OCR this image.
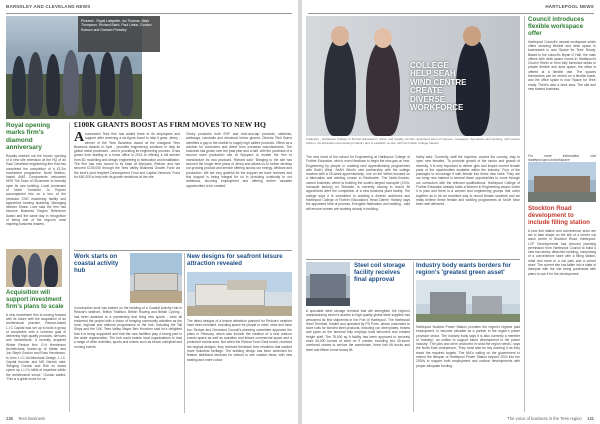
BARNSLEY AND CLEVELAND NEWS
Pictured - Royal Lafayette, Ian Thomas, Mark Thompson, Richard Baird, Paul Linton, Gordon Robson and Graham Pressley
Royal opening marks firm's diamond anniversary
Royalty marked out the former opening of a new site extension at the HQ of an East Cleveland engineering firm that has completed the completion of a £2.2m investment programme. North Skelton-based AMS Components welcomed HRH The Duke of Gloucester to formally open its new building. Local Lieutenant of North Yorkshire Jo Ropner accompanied him on a tour of the precision CNC machining facility and apprentice training academy. Managing director Shaun Love said the firm has become Business Region Reference Award and the same day in recognition of being one of the region's most inspiring business leaders.
Acquisition will support investment firm's plans to scale
A new investment firm is moving forward with its future with the acquisition of an architectural practice. Redcar-based L.I.C Capital was set up to build a group of companies with a common goal of delivering high quality products, services and investments. It recently acquired Winter Redcar firm, G.H Henderson Architectural, leader-up of Stefan and Jon Steph Gordon and Ross Henderson, to form L.I.C Architectural Design. L.I.C. Capital founder and MD Neresh said: 'Bringing Gordon and Rob on board opens up L.I.C's skills of expertise within the architectural sector.' Gordon added: 'This is a great move for us.'
£100K GRANTS BOOST AS FIRM MOVES TO NEW HQ
A successful Tees firm has added three to its employees and support after receiving a six-figure boost to help it grow. Jenny - winner of the Tees Business award at the Inaugural Tees Business Awards in April - provides engineering solutions to help its global metal processes - and in providing its engineering process. It has grown from starting in a home office in 2016 to offering a full service from 3D modelling and design engineering to fabrication and installation. The firm has now moved to its base at Wynyard, Redcar, and has secured £100,000 through the Tees Valley Business Growth Fund via the fund's joint recipient Development Fund and Capital Ventures' Fund for £60,000 to help with its growth ambitions at the site.
Clerky produces both EDF and shut-and-lap products, stainless, walkways, handrails and structural below ground. Director Rich Burns identified a gap in the market to supply high calibre products. Offers as a solution for customers and direct from overseas manufacturers. The business has grown over the past year and a half, with the purchase of a second used production site at Wynyard to enable the firm to manufacture its own products. Richard said: 'Bringing to the site has secured the longer term plans of Jenny and allows us to further develop our growing product and service offering across our energy, offshore and production. We are very grateful for the support we have received and this support is being integral for us in providing continuity to our ambitious, securing employment and offering further valuable opportunities to be created.'
Work starts on coastal activity hub
Construction work has started on the building of a Coastal Activity Hub in Redcar's seafront. British Triathlon, British Rowing and British Cycling - has been awarded to a partnership that bring new sports - have all endorsed the project with a vision of bringing community activities as the local, regional and national programmes to the hub, including the Tall Ships and the 10K. Tees Valley Mayor Ben Houchen said he's delighted that it is being supported and that the new facilities play a strong part in the wider regeneration. The hub could enable local organisations to host a range of other activities, sports and events such as beach volleyball and running events.
New designs for seafront leisure attraction revealed
The latest designs of a leisure attraction planned for Redcar's seafront have been revealed, including space for people to meet, relax and have fun. Redcar and Cleveland Council's planning committee approved the plans in February, which also include the creation of a new outdoor events space as well as coastline and leisure commercial space and a protected events area. But when the Redcar Town Deal board, received the original designs, they received feedback from residents that wanted more industrial heritage. The building design has been amended for feature additional windows for visitors to see coastal views, with new seating and more colour.
136 Tees Business
HARTLEPOOL NEWS
COLLEGE
HELP SEAH
WIND CENTRE
CREATE
DIVERSE
WORKFORCE
Cataracts - Hartlepool College of Further Education's Vision and Quality recruits, appointed team of trainees, managers, Operations and working, with Lauren Gibson, the Education and working Industry and to establish on-site, with the Dublin College trainers
The new head of the school for Engineering at Hartlepool College of Further Education, which, even Newtown to begin the new gas on new. Engineering by people or creating new apprenticeship programmes with SeAH Wind. SeAH Wind's new partnership with the college reaches with a 25-week apprenticeship, one on the Welsh focused on a fabrication and welding course in Redeswire. The North-Korean-owned business, which is building the world's largest monopile (XXXL monopile factory) on Teesside, is currently looking to recruit 36 apprentices after the completion of a new business plant facility. The college says it is committed to creating a diverse workforce and Hartlepool College of Further Education's Head Darren Hankey says the appointed heat of process, Energetic fabrication and welding - said will ensure women are working closely in building.
Haley said: 'Currently, staff the inspirers, around the country, may to open new females. 'To promote growth of the sector and growth of diversity, it is very important to deliver girls and inspire current female parts of the opportunities available within the industry.' Four of the packages to encourage it with female into these new roles. They are our bring new interest in several these opportunities to come through our curriculum with the relevant qualifications. Hartlepool College of Further Education already holds a Women in Engineering award, which it is past and there is a women and engineering groups that come together as to be an excellent way to recruit female students and we really believe these female and welding programmes at SeAH have been well delivered.
Council introduces flexible workspace offer
Hartlepool Council's newest workspace which offers stunning flexible and desk space to businesses is now 'Space for Tees' Ready. Based in the council's Bryan G Hall, the main offices with desk space rooms in Hartlepool's Church Street or from fully furnished desks to private flexible and desk space, the office is offered at a flexible rate. The spaces themselves can be rented on a flexible basis, and the office space is now 'Space for Tees' ready. There's also a desk area. The site and new shared business.
For more information visit hartlepool.gov.uk/workspace
Stockton Road development to include filling station
A new fuel station and convenience store are set to take shape on the site of a former car wash centre in Stockton Road, Hartlepool. LCP Developments has secured planning permission from Hartlepool Council to build a new two-storey detached building, comprising of a convenience store with a filling station, retail and more in a car park and a corner store. The current site has fallen into a state of disrepair with the site being purchased with plans to use it for the development.
Steel coil storage facility receives final approval
A specialist steel storage terminal that will strengthen the region's manufacturing sector's access to high-quality global steel supplies has welcomed its first shipments in the Port of Hartlepool. The Hartlepool Steel Terminal, funded and operated by PD Ports, allows customers to store coils for bonded steel products, including car, steel plates, beams and pipes as the terminal fully employs local labourers and created freight staff. The 75,000 sq ft facility has been approved to securely store 45,000 tonnes of steel on 9 cranes, including two 40-tonne overhead cranes to service the warehouse, three fork lift trucks and steel and fifteen tonne heavy lift.
Industry body wants borders for region's 'greatest green asset'
Hartlepool Nuclear Power Station provides the region's highest paid employment, to become valuable as a partner in the region's power provision sector. The industry body says it is also currently a member of 'Industry', an outline to support future development to the power industry. 'The jobs and we're anchored in what the region needs,' says the North East chairperson. 'They must also be key working' it as they reach the required targets. The NIA's calling on the government to extend the lifespan of Hartlepool Power Station beyond 2024 into the 2030s to support both employment and nuclear developments with proper adequate funding.
The voice of business in the Tees region 131
